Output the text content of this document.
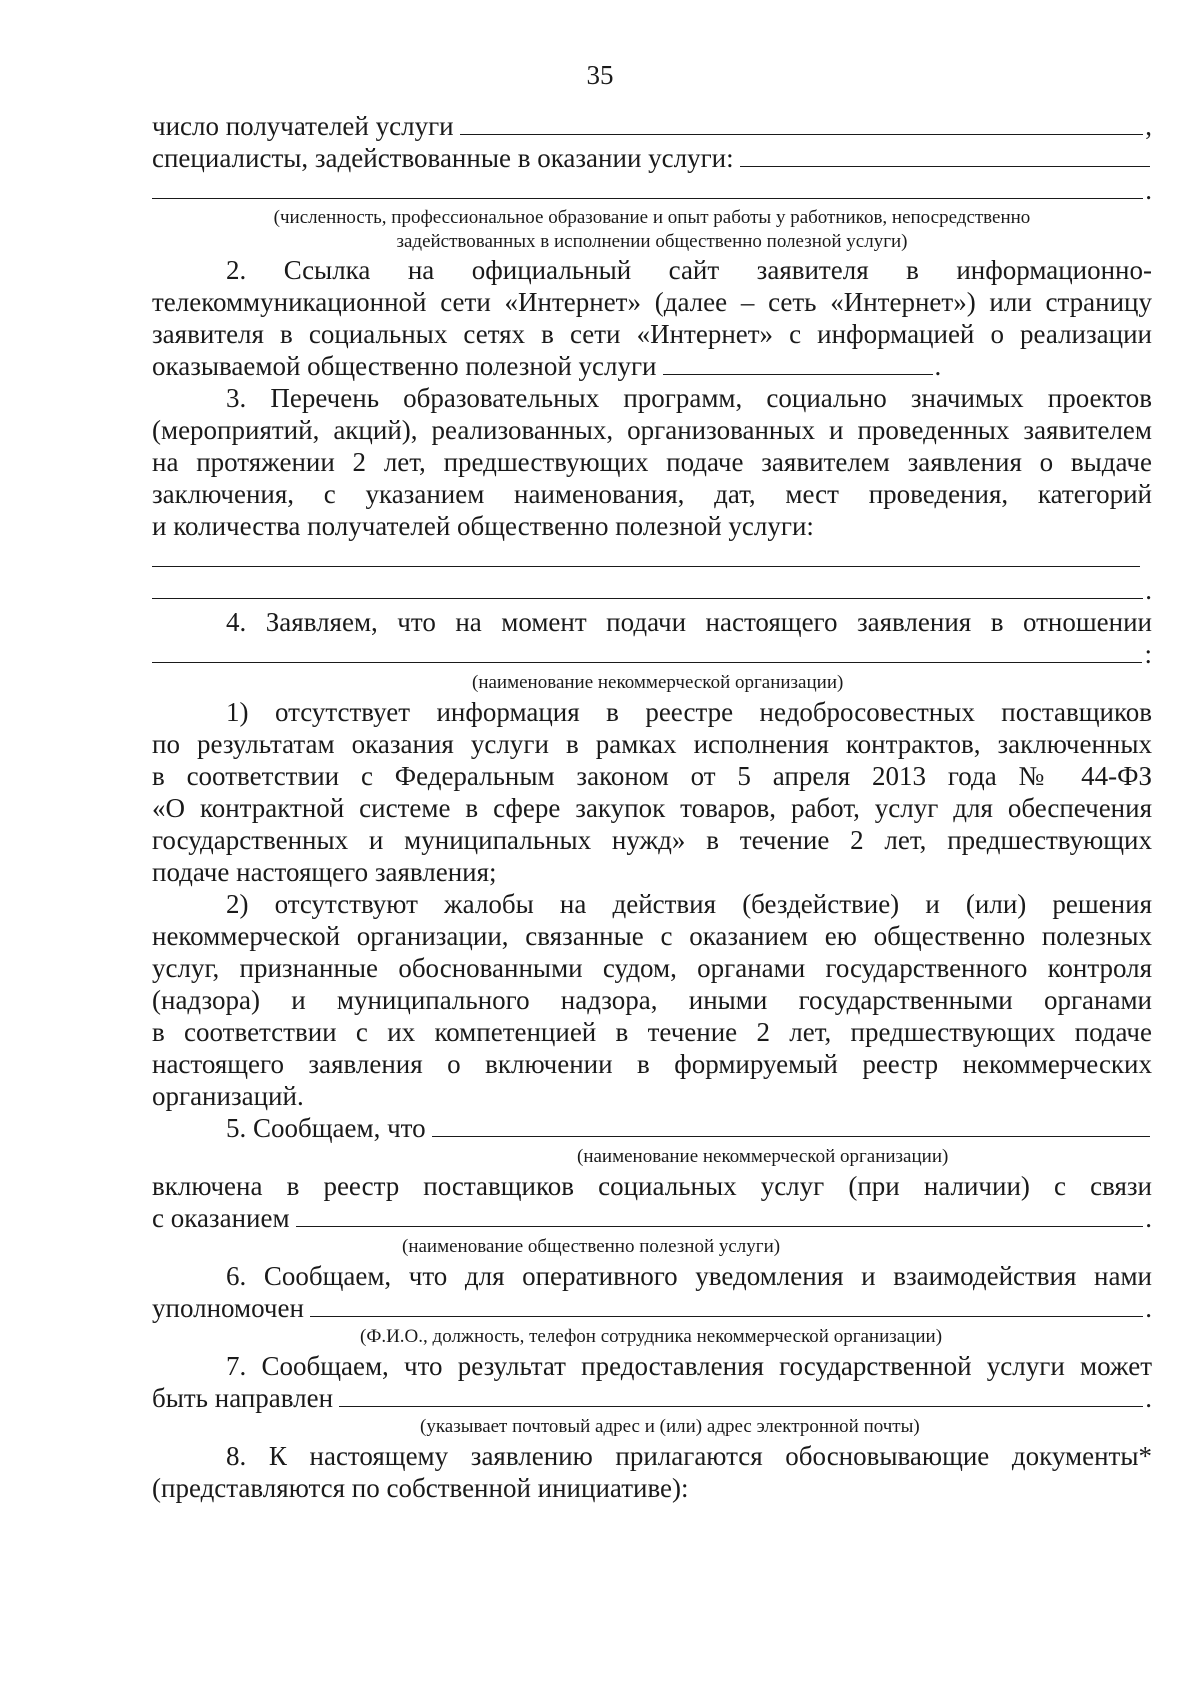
35
число получателей услуги	,
специалисты, задействованные в оказании услуги:
.
(численность, профессиональное образование и опыт работы у работников, непосредственно
задействованных в исполнении общественно полезной услуги)
2. Ссылка на официальный сайт заявителя в информационно-
телекоммуникационной сети «Интернет» (далее – сеть «Интернет») или страницу
заявителя в социальных сетях в сети «Интернет» с информацией о реализации
оказываемой общественно полезной услуги	.
3. Перечень образовательных программ, социально значимых проектов
(мероприятий, акций), реализованных, организованных и проведенных заявителем
на протяжении 2 лет, предшествующих подаче заявителем заявления о выдаче
заключения, с указанием наименования, дат, мест проведения, категорий
и количества получателей общественно полезной услуги:
.
4. Заявляем, что на момент подачи настоящего заявления в отношении
:
(наименование некоммерческой организации)
1) отсутствует информация в реестре недобросовестных поставщиков
по результатам оказания услуги в рамках исполнения контрактов, заключенных
в соответствии с Федеральным законом от 5 апреля 2013 года № 44-ФЗ
«О контрактной системе в сфере закупок товаров, работ, услуг для обеспечения
государственных и муниципальных нужд» в течение 2 лет, предшествующих
подаче настоящего заявления;
2) отсутствуют жалобы на действия (бездействие) и (или) решения
некоммерческой организации, связанные с оказанием ею общественно полезных
услуг, признанные обоснованными судом, органами государственного контроля
(надзора) и муниципального надзора, иными государственными органами
в соответствии с их компетенцией в течение 2 лет, предшествующих подаче
настоящего заявления о включении в формируемый реестр некоммерческих
организаций.
5. Сообщаем, что
(наименование некоммерческой организации)
включена в реестр поставщиков социальных услуг (при наличии) с связи
с оказанием	.
(наименование общественно полезной услуги)
6. Сообщаем, что для оперативного уведомления и взаимодействия нами
уполномочен	.
(Ф.И.О., должность, телефон сотрудника некоммерческой организации)
7. Сообщаем, что результат предоставления государственной услуги может
быть направлен	.
(указывает почтовый адрес и (или) адрес электронной почты)
8. К настоящему заявлению прилагаются обосновывающие документы*
(представляются по собственной инициативе):
